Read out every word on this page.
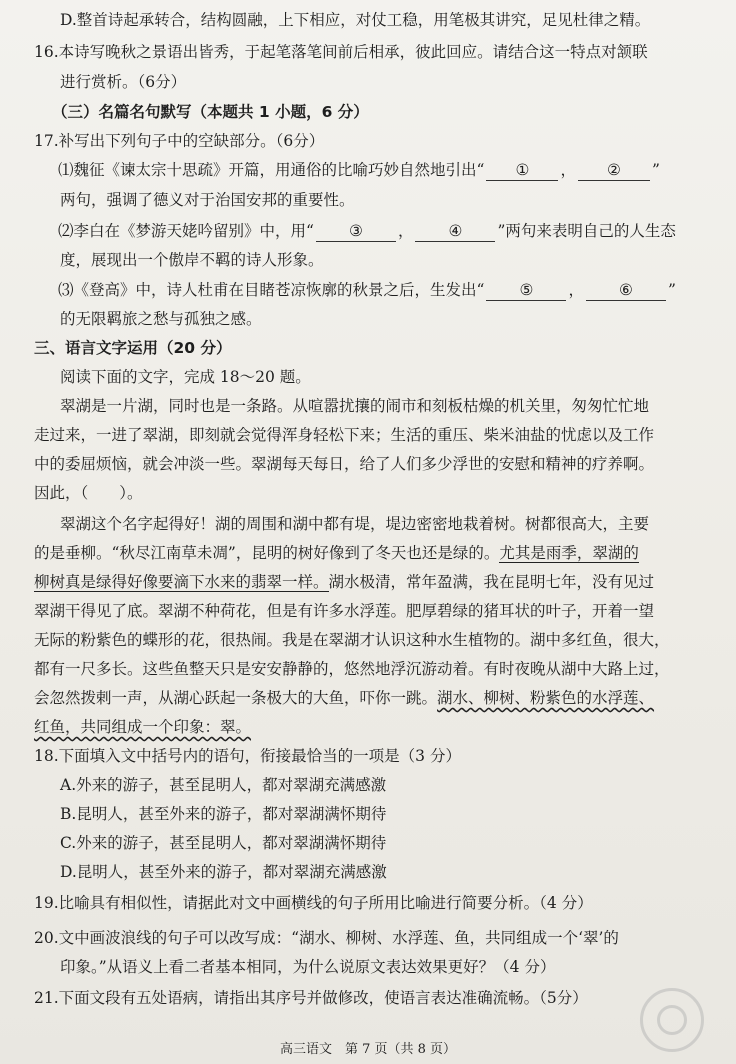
D.整首诗起承转合，结构圆融，上下相应，对仗工稳，用笔极其讲究，足见杜律之精。
16.本诗写晚秋之景语出皆秀，于起笔落笔间前后相承，彼此回应。请结合这一特点对颔联
进行赏析。（6分）
（三）名篇名句默写（本题共 1 小题，6 分）
17.补写出下列句子中的空缺部分。（6分）
⑴魏征《谏太宗十思疏》开篇，用通俗的比喻巧妙自然地引出“ ① ， ② ”
两句，强调了德义对于治国安邦的重要性。
⑵李白在《梦游天姥吟留别》中，用“ ③ ， ④ ”两句来表明自己的人生态
度，展现出一个傲岸不羁的诗人形象。
⑶《登高》中，诗人杜甫在目睹苍凉恢廓的秋景之后，生发出“ ⑤ ， ⑥ ”
的无限羁旅之愁与孤独之感。
三、语言文字运用（20 分）
阅读下面的文字，完成 18～20 题。
翠湖是一片湖，同时也是一条路。从喧嚣扰攘的闹市和刻板枯燥的机关里，匆匆忙忙地
走过来，一进了翠湖，即刻就会觉得浑身轻松下来；生活的重压、柴米油盐的忧虑以及工作
中的委屈烦恼，就会冲淡一些。翠湖每天每日，给了人们多少浮世的安慰和精神的疗养啊。
因此，（　　）。
翠湖这个名字起得好！湖的周围和湖中都有堤，堤边密密地栽着树。树都很高大，主要
的是垂柳。“秋尽江南草未凋”，昆明的树好像到了冬天也还是绿的。尤其是雨季，翠湖的
柳树真是绿得好像要滴下水来的翡翠一样。湖水极清，常年盈满，我在昆明七年，没有见过
翠湖干得见了底。翠湖不种荷花，但是有许多水浮莲。肥厚碧绿的猪耳状的叶子，开着一望
无际的粉紫色的蝶形的花，很热闹。我是在翠湖才认识这种水生植物的。湖中多红鱼，很大，
都有一尺多长。这些鱼整天只是安安静静的，悠然地浮沉游动着。有时夜晚从湖中大路上过，
会忽然拨剌一声，从湖心跃起一条极大的大鱼，吓你一跳。湖水、柳树、粉紫色的水浮莲、
红鱼，共同组成一个印象：翠。
18.下面填入文中括号内的语句，衔接最恰当的一项是（3 分）
A.外来的游子，甚至昆明人，都对翠湖充满感激
B.昆明人，甚至外来的游子，都对翠湖满怀期待
C.外来的游子，甚至昆明人，都对翠湖满怀期待
D.昆明人，甚至外来的游子，都对翠湖充满感激
19.比喻具有相似性，请据此对文中画横线的句子所用比喻进行简要分析。（4 分）
20.文中画波浪线的句子可以改写成：“湖水、柳树、水浮莲、鱼，共同组成一个‘翠’的
印象。”从语义上看二者基本相同，为什么说原文表达效果更好？（4 分）
21.下面文段有五处语病，请指出其序号并做修改，使语言表达准确流畅。（5分）
高三语文　第 7 页（共 8 页）
